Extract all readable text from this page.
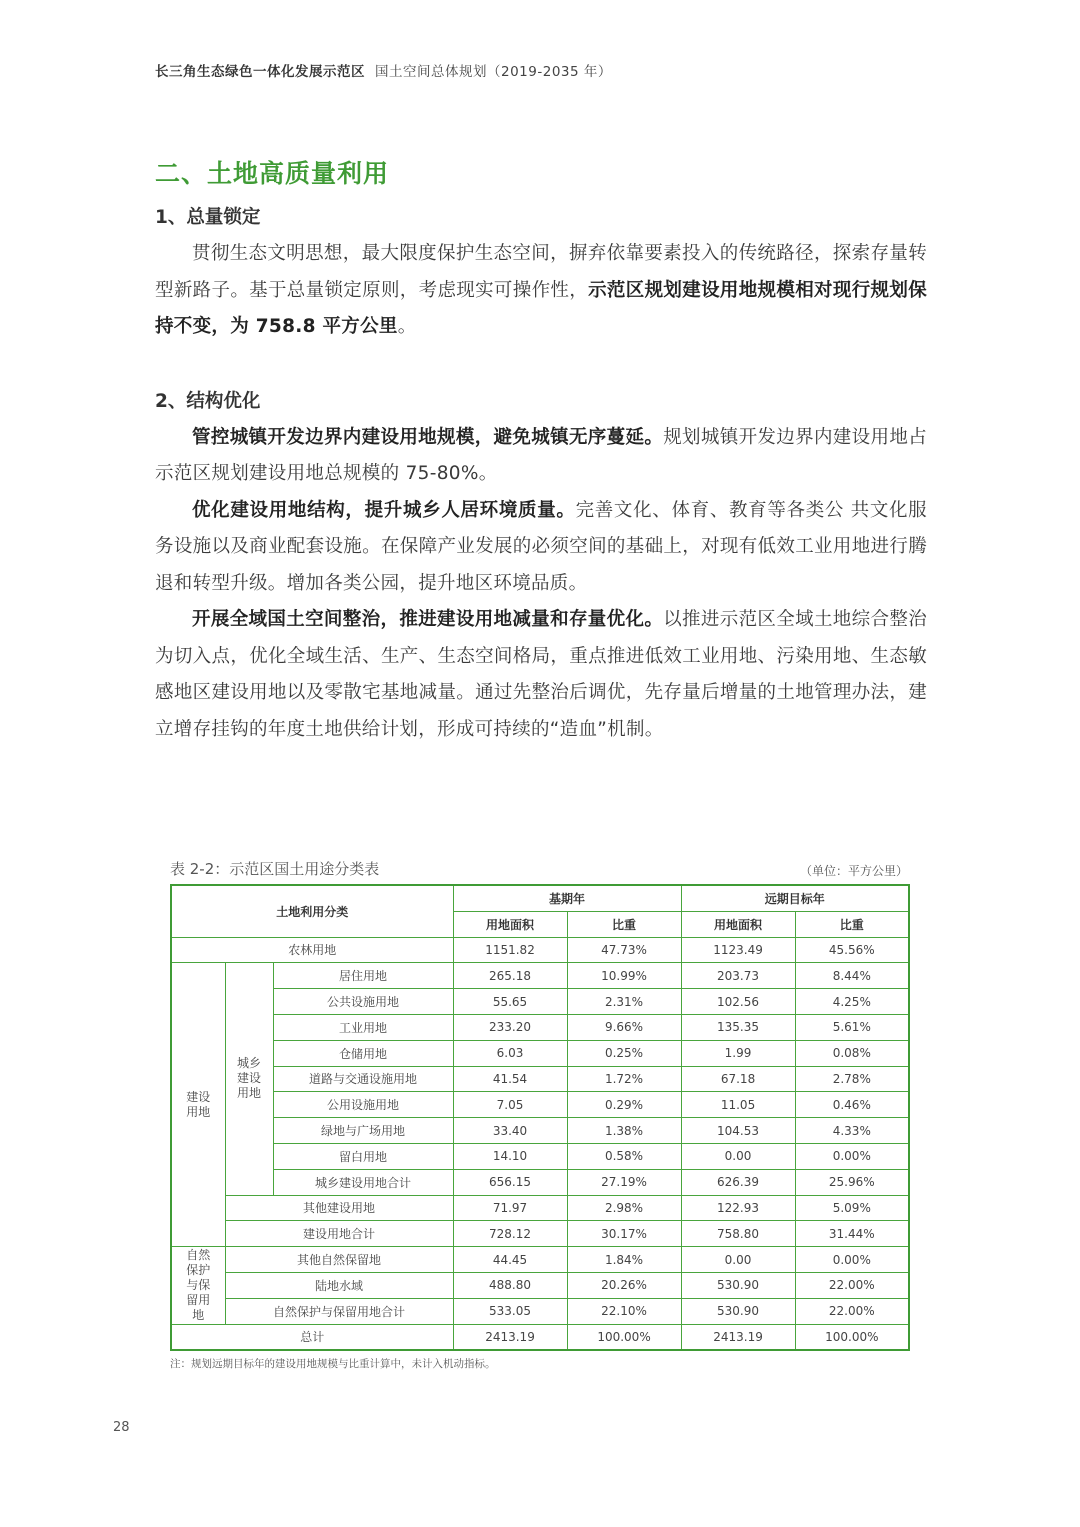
长三角生态绿色一体化发展示范区 国土空间总体规划（2019-2035 年）
二、土地高质量利用
1、总量锁定

贯彻生态文明思想，最大限度保护生态空间，摒弃依靠要素投入的传统路径，探索存量转型新路子。基于总量锁定原则，考虑现实可操作性，示范区规划建设用地规模相对现行规划保持不变，为 758.8 平方公里。

2、结构优化

管控城镇开发边界内建设用地规模，避免城镇无序蔓延。规划城镇开发边界内建设用地占示范区规划建设用地总规模的 75-80%。

优化建设用地结构，提升城乡人居环境质量。完善文化、体育、教育等各类公 共文化服务设施以及商业配套设施。在保障产业发展的必须空间的基础上，对现有低效工业用地进行腾退和转型升级。增加各类公园，提升地区环境品质。

开展全域国土空间整治，推进建设用地减量和存量优化。以推进示范区全域土地综合整治为切入点，优化全域生活、生产、生态空间格局，重点推进低效工业用地、污染用地、生态敏感地区建设用地以及零散宅基地减量。通过先整治后调优，先存量后增量的土地管理办法，建立增存挂钩的年度土地供给计划，形成可持续的“造血”机制。

表 2-2：示范区国土用途分类表	（单位：平方公里）
土地利用分类			基期年		远期目标年	
			用地面积	比重	用地面积	比重
农林用地			1151.82	47.73%	1123.49	45.56%
建设用地	城乡建设用地	居住用地	265.18	10.99%	203.73	8.44%
		公共设施用地	55.65	2.31%	102.56	4.25%
		工业用地	233.20	9.66%	135.35	5.61%
		仓储用地	6.03	0.25%	1.99	0.08%
		道路与交通设施用地	41.54	1.72%	67.18	2.78%
		公用设施用地	7.05	0.29%	11.05	0.46%
		绿地与广场用地	33.40	1.38%	104.53	4.33%
		留白用地	14.10	0.58%	0.00	0.00%
		城乡建设用地合计	656.15	27.19%	626.39	25.96%
	其他建设用地		71.97	2.98%	122.93	5.09%
	建设用地合计		728.12	30.17%	758.80	31.44%
自然保护与保留用地	其他自然保留地		44.45	1.84%	0.00	0.00%
	陆地水域		488.80	20.26%	530.90	22.00%
	自然保护与保留用地合计		533.05	22.10%	530.90	22.00%
总计			2413.19	100.00%	2413.19	100.00%
注：规划远期目标年的建设用地规模与比重计算中，未计入机动指标。
28
